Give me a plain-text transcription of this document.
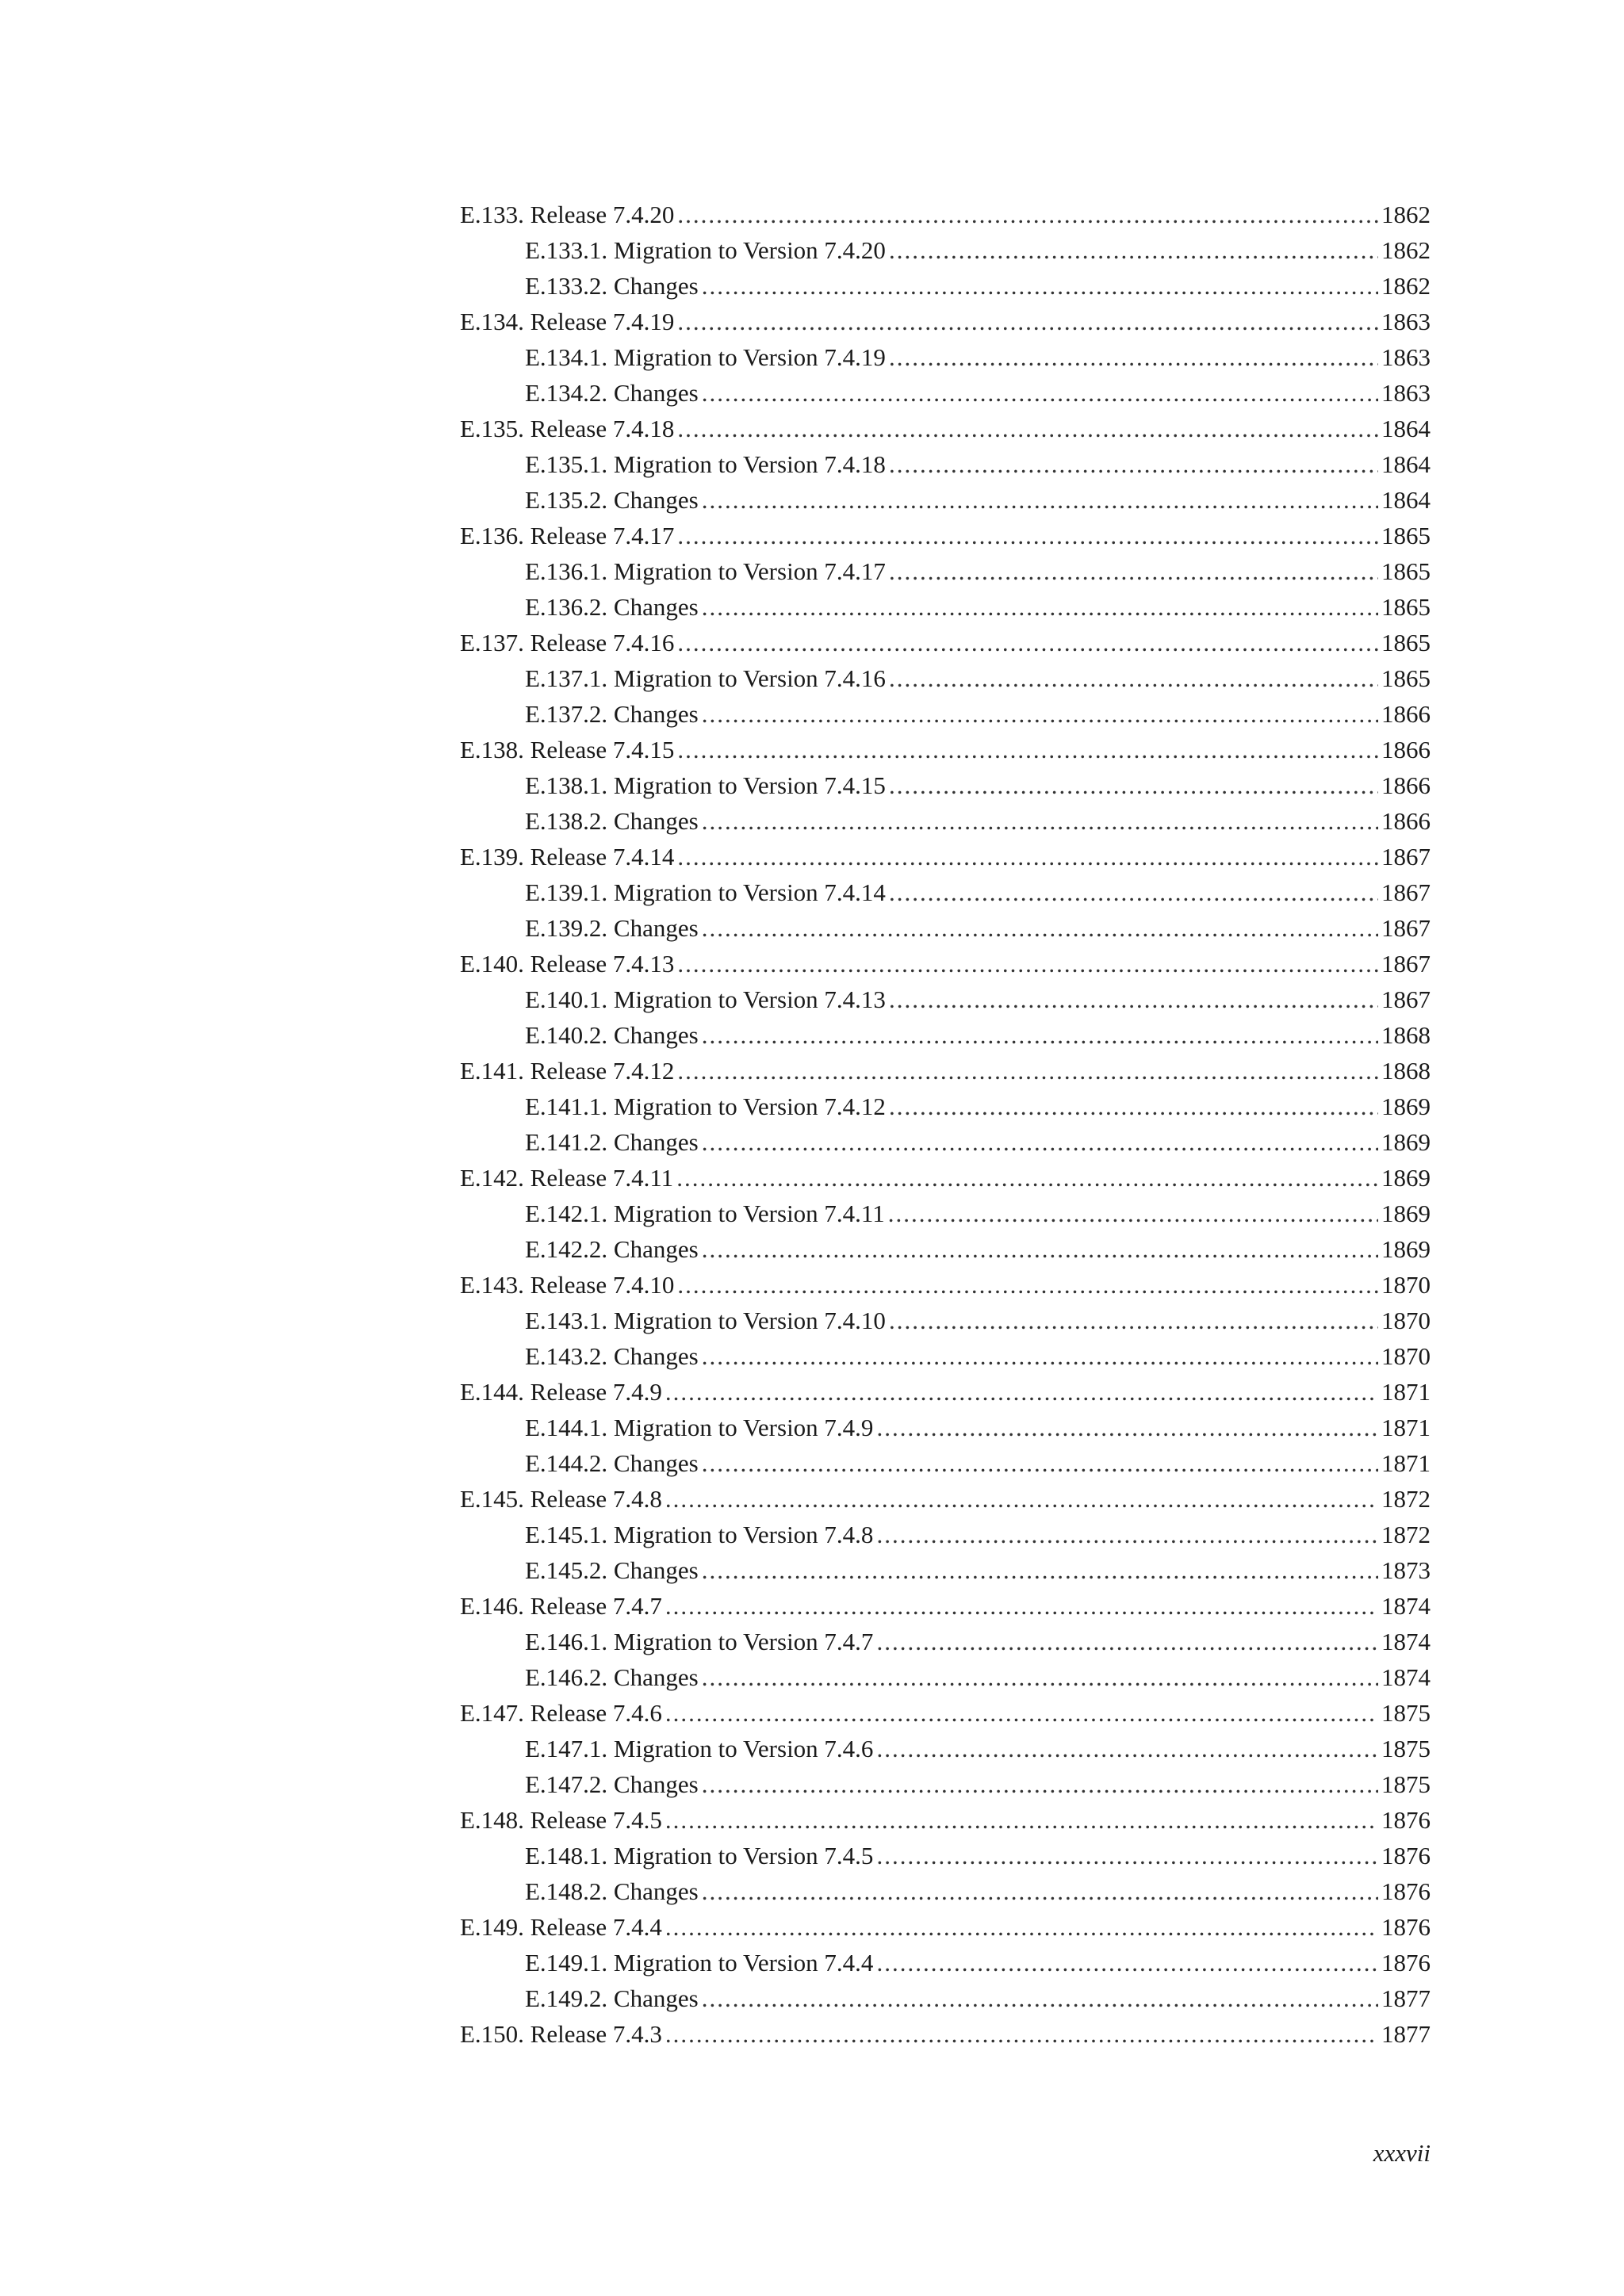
E.133. Release 7.4.20 .....	1862
E.133.1. Migration to Version 7.4.20 .....	1862
E.133.2. Changes .....	1862
E.134. Release 7.4.19 .....	1863
E.134.1. Migration to Version 7.4.19 .....	1863
E.134.2. Changes .....	1863
E.135. Release 7.4.18 .....	1864
E.135.1. Migration to Version 7.4.18 .....	1864
E.135.2. Changes .....	1864
E.136. Release 7.4.17 .....	1865
E.136.1. Migration to Version 7.4.17 .....	1865
E.136.2. Changes .....	1865
E.137. Release 7.4.16 .....	1865
E.137.1. Migration to Version 7.4.16 .....	1865
E.137.2. Changes .....	1866
E.138. Release 7.4.15 .....	1866
E.138.1. Migration to Version 7.4.15 .....	1866
E.138.2. Changes .....	1866
E.139. Release 7.4.14 .....	1867
E.139.1. Migration to Version 7.4.14 .....	1867
E.139.2. Changes .....	1867
E.140. Release 7.4.13 .....	1867
E.140.1. Migration to Version 7.4.13 .....	1867
E.140.2. Changes .....	1868
E.141. Release 7.4.12 .....	1868
E.141.1. Migration to Version 7.4.12 .....	1869
E.141.2. Changes .....	1869
E.142. Release 7.4.11 .....	1869
E.142.1. Migration to Version 7.4.11 .....	1869
E.142.2. Changes .....	1869
E.143. Release 7.4.10 .....	1870
E.143.1. Migration to Version 7.4.10 .....	1870
E.143.2. Changes .....	1870
E.144. Release 7.4.9 .....	1871
E.144.1. Migration to Version 7.4.9 .....	1871
E.144.2. Changes .....	1871
E.145. Release 7.4.8 .....	1872
E.145.1. Migration to Version 7.4.8 .....	1872
E.145.2. Changes .....	1873
E.146. Release 7.4.7 .....	1874
E.146.1. Migration to Version 7.4.7 .....	1874
E.146.2. Changes .....	1874
E.147. Release 7.4.6 .....	1875
E.147.1. Migration to Version 7.4.6 .....	1875
E.147.2. Changes .....	1875
E.148. Release 7.4.5 .....	1876
E.148.1. Migration to Version 7.4.5 .....	1876
E.148.2. Changes .....	1876
E.149. Release 7.4.4 .....	1876
E.149.1. Migration to Version 7.4.4 .....	1876
E.149.2. Changes .....	1877
E.150. Release 7.4.3 .....	1877
xxxvii
